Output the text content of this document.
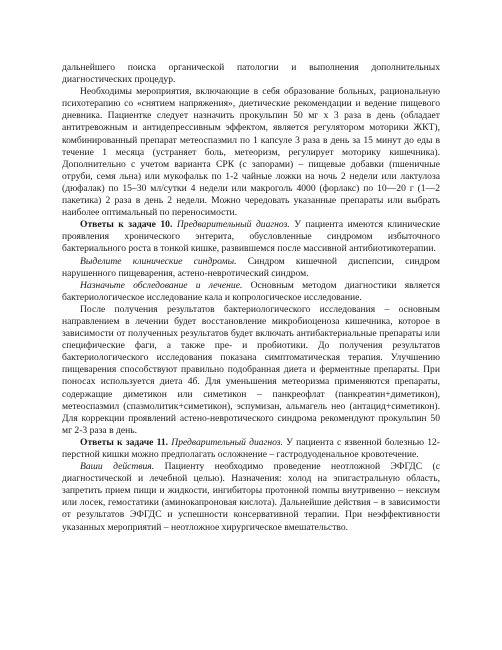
дальнейшего поиска органической патологии и выполнения дополнительных диагностических процедур.

Необходимы мероприятия, включающие в себя образование больных, рациональную психотерапию со «снятием напряжения», диетические рекомендации и ведение пищевого дневника. Пациентке следует назначить прокульпин 50 мг х 3 раза в день (обладает антитревожным и антидепрессивным эффектом, является регулятором моторики ЖКТ), комбинированный препарат метеоспазмил по 1 капсуле 3 раза в день за 15 минут до еды в течение 1 месяца (устраняет боль, метеоризм, регулирует моторику кишечника). Дополнительно с учетом варианта СРК (с запорами) – пищевые добавки (пшеничные отруби, семя льна) или мукофальк по 1-2 чайные ложки на ночь 2 недели или лактулоза (дюфалак) по 15–30 мл/сутки 4 недели или макроголь 4000 (форлакс) по 10—20 г (1—2 пакетика) 2 раза в день 2 недели. Можно чередовать указанные препараты или выбрать наиболее оптимальный по переносимости.

Ответы к задаче 10. Предварительный диагноз. У пациента имеются клинические проявления хронического энтерита, обусловленные синдромом избыточного бактериального роста в тонкой кишке, развившемся после массивной антибиотикотерапии.

Выделите клинические синдромы. Синдром кишечной диспепсии, синдром нарушенного пищеварения, астено-невротический синдром.

Назначьте обследование и лечение. Основным методом диагностики является бактериологическое исследование кала и копрологическое исследование.

После получения результатов бактериологического исследования – основным направлением в лечении будет восстановление микробиоценоза кишечника, которое в зависимости от полученных результатов будет включать антибактериальные препараты или специфические фаги, а также пре- и пробиотики. До получения результатов бактериологического исследования показана симптоматическая терапия. Улучшению пищеварения способствуют правильно подобранная диета и ферментные препараты. При поносах используется диета 4б. Для уменьшения метеоризма применяются препараты, содержащие диметикон или симетикон – панкреофлат (панкреатин+диметикон), метеоспазмил (спазмолитик+симетикон), эспумизан, альмагель нео (антацид+симетикон). Для коррекции проявлений астено-невротического синдрома рекомендуют прокульпин 50 мг 2-3 раза в день.

Ответы к задаче 11. Предварительный диагноз. У пациента с язвенной болезнью 12-перстной кишки можно предполагать осложнение – гастродуоденальное кровотечение.

Ваши действия. Пациенту необходимо проведение неотложной ЭФГДС (с диагностической и лечебной целью). Назначения: холод на эпигастральную область, запретить прием пищи и жидкости, ингибиторы протонной помпы внутривенно – нексиум или лосек, гемостатики (аминокапроновая кислота). Дальнейшие действия – в зависимости от результатов ЭФГДС и успешности консервативной терапии. При неэффективности указанных мероприятий – неотложное хирургическое вмешательство.
